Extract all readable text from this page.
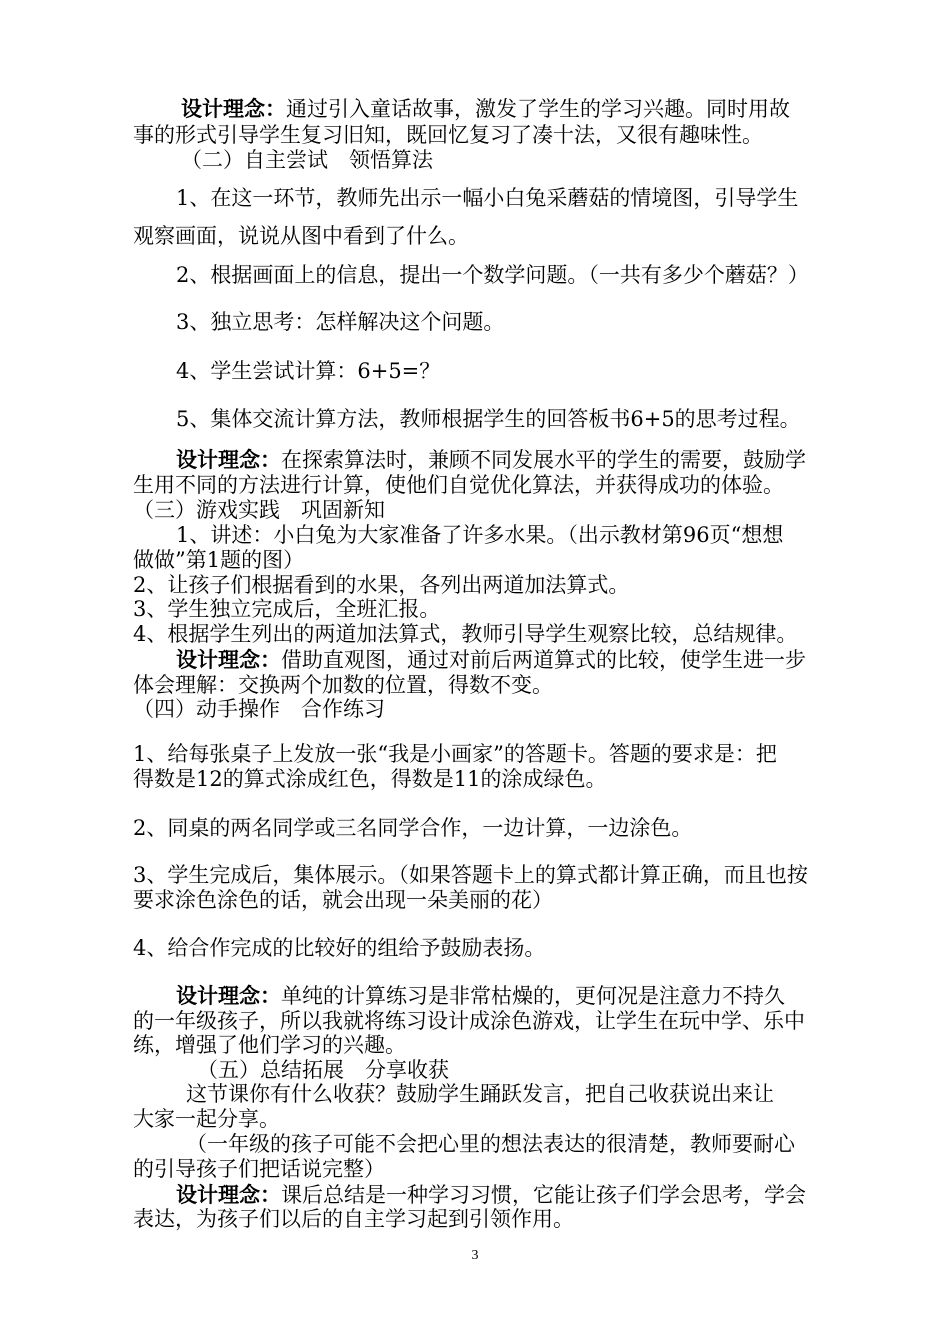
设计理念：通过引入童话故事，激发了学生的学习兴趣。同时用故
事的形式引导学生复习旧知，既回忆复习了凑十法，又很有趣味性。
（二）自主尝试　领悟算法
1、在这一环节，教师先出示一幅小白兔采蘑菇的情境图，引导学生
观察画面，说说从图中看到了什么。
2、根据画面上的信息，提出一个数学问题。（一共有多少个蘑菇？）
3、独立思考：怎样解决这个问题。
4、学生尝试计算：6+5=？
5、集体交流计算方法，教师根据学生的回答板书6+5的思考过程。
设计理念：在探索算法时，兼顾不同发展水平的学生的需要，鼓励学
生用不同的方法进行计算，使他们自觉优化算法，并获得成功的体验。
（三）游戏实践　巩固新知
1、讲述：小白兔为大家准备了许多水果。（出示教材第96页“想想
做做”第1题的图）
2、让孩子们根据看到的水果，各列出两道加法算式。
3、学生独立完成后，全班汇报。
4、根据学生列出的两道加法算式，教师引导学生观察比较，总结规律。
设计理念：借助直观图，通过对前后两道算式的比较，使学生进一步
体会理解：交换两个加数的位置，得数不变。
（四）动手操作　合作练习
1、给每张桌子上发放一张“我是小画家”的答题卡。答题的要求是：把
得数是12的算式涂成红色，得数是11的涂成绿色。
2、同桌的两名同学或三名同学合作，一边计算，一边涂色。
3、学生完成后，集体展示。（如果答题卡上的算式都计算正确，而且也按
要求涂色涂色的话，就会出现一朵美丽的花）
4、给合作完成的比较好的组给予鼓励表扬。
设计理念：单纯的计算练习是非常枯燥的，更何况是注意力不持久
的一年级孩子，所以我就将练习设计成涂色游戏，让学生在玩中学、乐中
练，增强了他们学习的兴趣。
（五）总结拓展　分享收获
这节课你有什么收获？鼓励学生踊跃发言，把自己收获说出来让
大家一起分享。
（一年级的孩子可能不会把心里的想法表达的很清楚，教师要耐心
的引导孩子们把话说完整）
设计理念：课后总结是一种学习习惯，它能让孩子们学会思考，学会
表达，为孩子们以后的自主学习起到引领作用。
3
